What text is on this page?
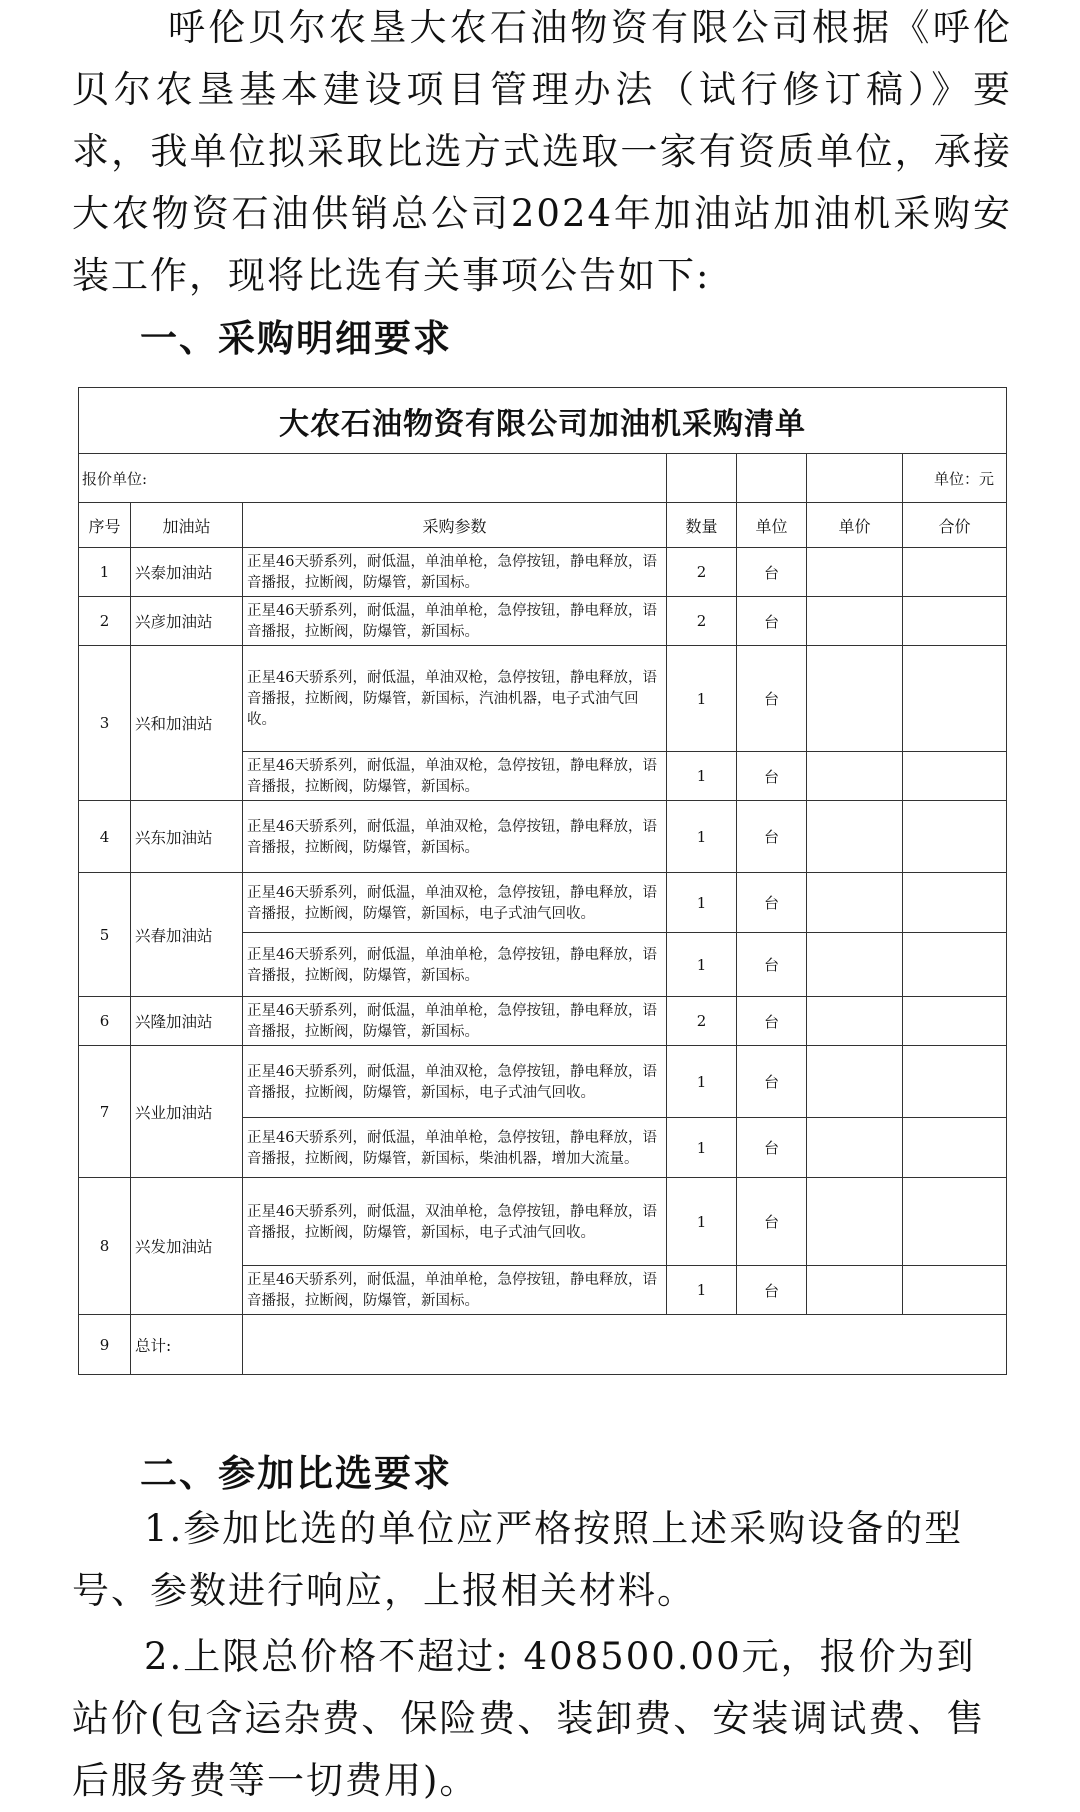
呼伦贝尔农垦大农石油物资有限公司根据《呼伦贝尔农垦基本建设项目管理办法（试行修订稿）》要求，我单位拟采取比选方式选取一家有资质单位，承接大农物资石油供销总公司2024年加油站加油机采购安装工作，现将比选有关事项公告如下:

一、采购明细要求
大农石油物资有限公司加油机采购清单						
报价单位:						单位：元
序号	加油站	采购参数	数量	单位	单价	合价
1	兴泰加油站	正星46天骄系列，耐低温，单油单枪，急停按钮，静电释放，语音播报，拉断阀，防爆管，新国标。	2	台		
2	兴彦加油站	正星46天骄系列，耐低温，单油单枪，急停按钮，静电释放，语音播报，拉断阀，防爆管，新国标。	2	台		
3	兴和加油站	正星46天骄系列，耐低温，单油双枪，急停按钮，静电释放，语音播报，拉断阀，防爆管，新国标，汽油机器，电子式油气回收。	1	台		
		正星46天骄系列，耐低温，单油双枪，急停按钮，静电释放，语音播报，拉断阀，防爆管，新国标。	1	台		
4	兴东加油站	正星46天骄系列，耐低温，单油双枪，急停按钮，静电释放，语音播报，拉断阀，防爆管，新国标。	1	台		
5	兴春加油站	正星46天骄系列，耐低温，单油双枪，急停按钮，静电释放，语音播报，拉断阀，防爆管，新国标，电子式油气回收。	1	台		
		正星46天骄系列，耐低温，单油单枪，急停按钮，静电释放，语音播报，拉断阀，防爆管，新国标。	1	台		
6	兴隆加油站	正星46天骄系列，耐低温，单油单枪，急停按钮，静电释放，语音播报，拉断阀，防爆管，新国标。	2	台		
7	兴业加油站	正星46天骄系列，耐低温，单油双枪，急停按钮，静电释放，语音播报，拉断阀，防爆管，新国标，电子式油气回收。	1	台		
		正星46天骄系列，耐低温，单油单枪，急停按钮，静电释放，语音播报，拉断阀，防爆管，新国标，柴油机器，增加大流量。	1	台		
8	兴发加油站	正星46天骄系列，耐低温，双油单枪，急停按钮，静电释放，语音播报，拉断阀，防爆管，新国标，电子式油气回收。	1	台		
		正星46天骄系列，耐低温，单油单枪，急停按钮，静电释放，语音播报，拉断阀，防爆管，新国标。	1	台		
9	总计:					
二、参加比选要求

1.参加比选的单位应严格按照上述采购设备的型号、参数进行响应，上报相关材料。

2.上限总价格不超过: 408500.00元，报价为到站价(包含运杂费、保险费、装卸费、安装调试费、售后服务费等一切费用)。
